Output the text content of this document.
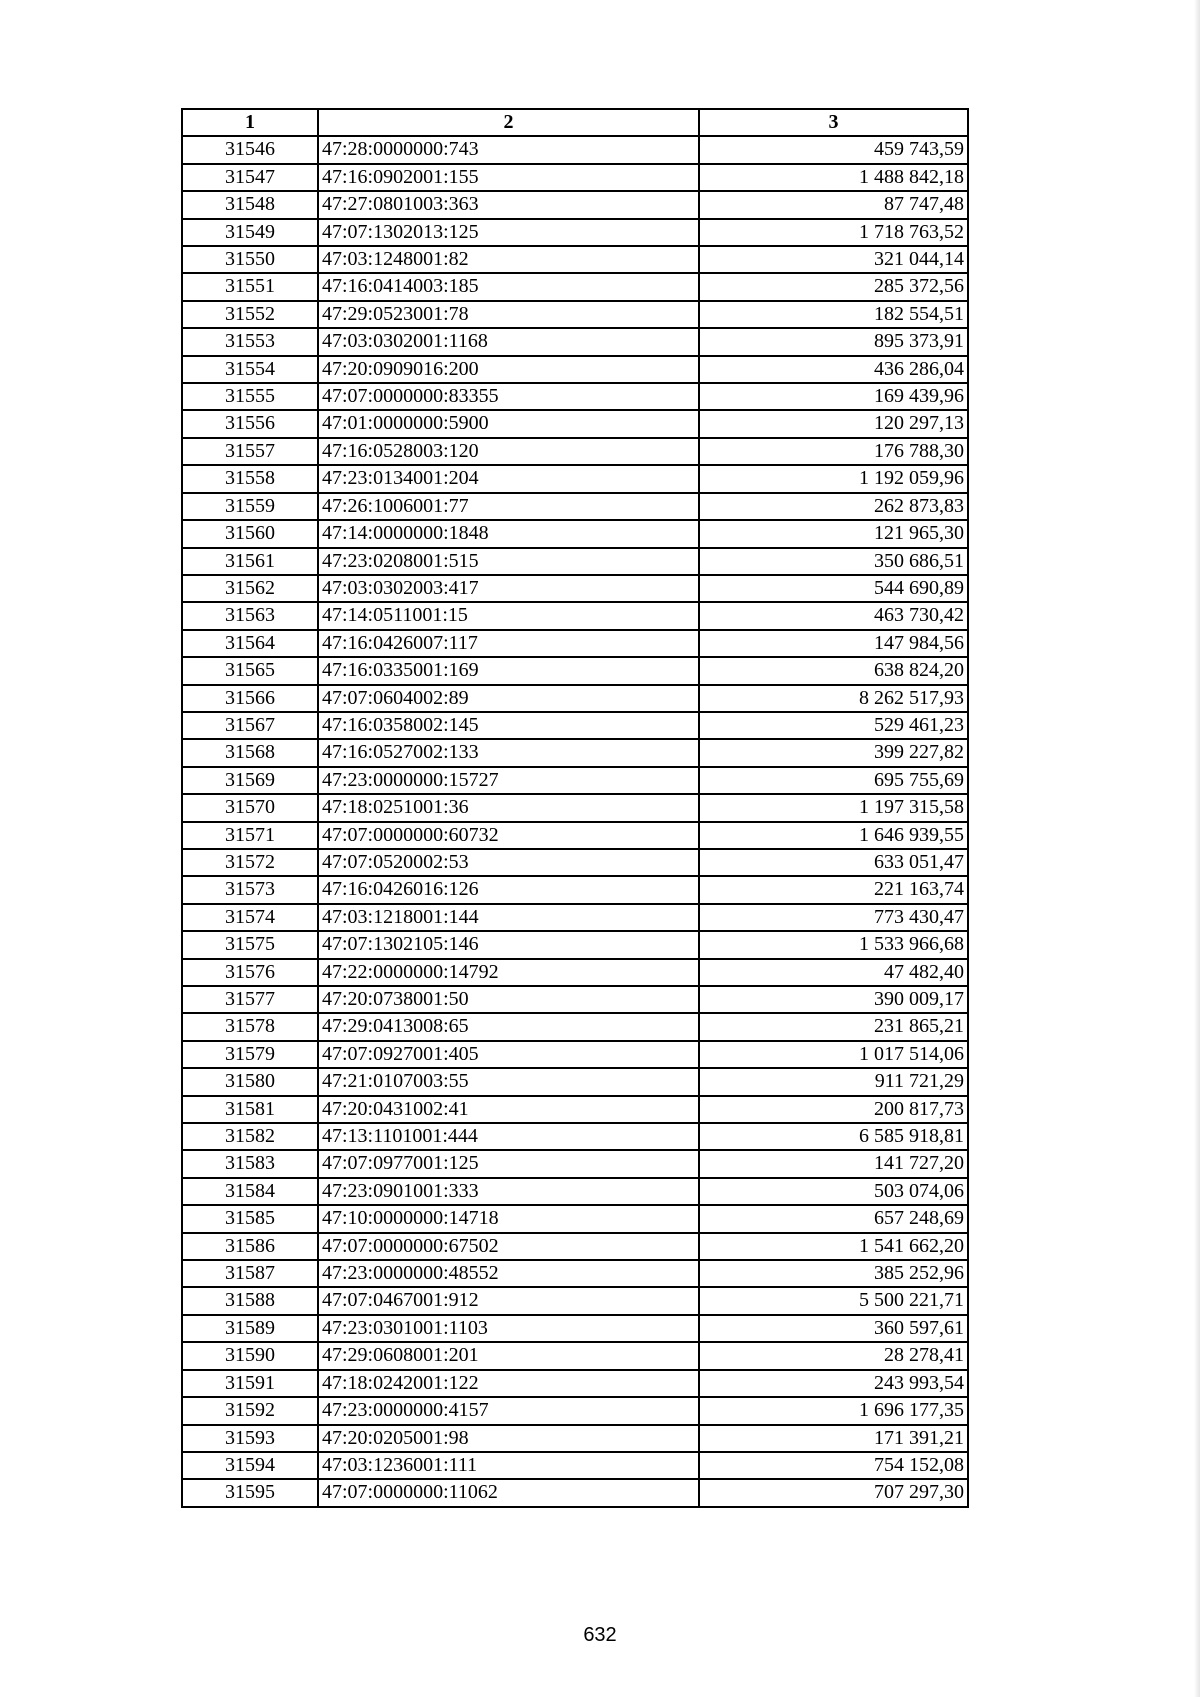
1	2	3
31546	47:28:0000000:743	459 743,59
31547	47:16:0902001:155	1 488 842,18
31548	47:27:0801003:363	87 747,48
31549	47:07:1302013:125	1 718 763,52
31550	47:03:1248001:82	321 044,14
31551	47:16:0414003:185	285 372,56
31552	47:29:0523001:78	182 554,51
31553	47:03:0302001:1168	895 373,91
31554	47:20:0909016:200	436 286,04
31555	47:07:0000000:83355	169 439,96
31556	47:01:0000000:5900	120 297,13
31557	47:16:0528003:120	176 788,30
31558	47:23:0134001:204	1 192 059,96
31559	47:26:1006001:77	262 873,83
31560	47:14:0000000:1848	121 965,30
31561	47:23:0208001:515	350 686,51
31562	47:03:0302003:417	544 690,89
31563	47:14:0511001:15	463 730,42
31564	47:16:0426007:117	147 984,56
31565	47:16:0335001:169	638 824,20
31566	47:07:0604002:89	8 262 517,93
31567	47:16:0358002:145	529 461,23
31568	47:16:0527002:133	399 227,82
31569	47:23:0000000:15727	695 755,69
31570	47:18:0251001:36	1 197 315,58
31571	47:07:0000000:60732	1 646 939,55
31572	47:07:0520002:53	633 051,47
31573	47:16:0426016:126	221 163,74
31574	47:03:1218001:144	773 430,47
31575	47:07:1302105:146	1 533 966,68
31576	47:22:0000000:14792	47 482,40
31577	47:20:0738001:50	390 009,17
31578	47:29:0413008:65	231 865,21
31579	47:07:0927001:405	1 017 514,06
31580	47:21:0107003:55	911 721,29
31581	47:20:0431002:41	200 817,73
31582	47:13:1101001:444	6 585 918,81
31583	47:07:0977001:125	141 727,20
31584	47:23:0901001:333	503 074,06
31585	47:10:0000000:14718	657 248,69
31586	47:07:0000000:67502	1 541 662,20
31587	47:23:0000000:48552	385 252,96
31588	47:07:0467001:912	5 500 221,71
31589	47:23:0301001:1103	360 597,61
31590	47:29:0608001:201	28 278,41
31591	47:18:0242001:122	243 993,54
31592	47:23:0000000:4157	1 696 177,35
31593	47:20:0205001:98	171 391,21
31594	47:03:1236001:111	754 152,08
31595	47:07:0000000:11062	707 297,30
632
